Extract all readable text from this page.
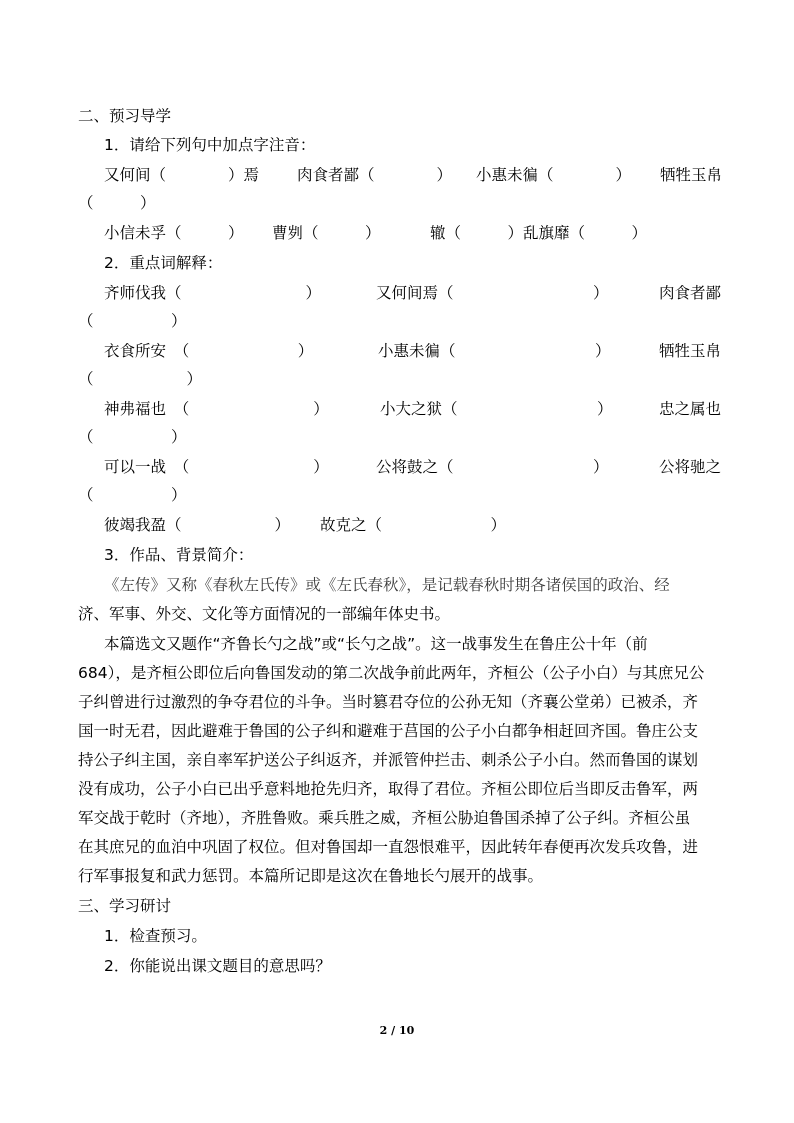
二、预习导学
1．请给下列句中加点字注音：
又何间（　　　　）焉 肉食者鄙（　　　　） 小惠未徧（　　　　） 牺牲玉帛
（　　　）
小信未孚（　　　） 曹刿（　　　）	辙（　　　）乱旗靡（　　　）
2．重点词解释：
齐师伐我（　　　　　　　　）	又何间焉（　　　　　　　　　）	肉食者鄙
（　　　　　）
衣食所安　（　　　　　　　）	小惠未徧（　　　　　　　　　）	牺牲玉帛
（　　　　　　）
神弗福也　（　　　　　　　　）	小大之狱（　　　　　　　　　）	忠之属也
（　　　　　）
可以一战　（　　　　　　　　）	公将鼓之（　　　　　　　　　）	公将驰之
（　　　　　）
彼竭我盈（　　　　　　） 故克之（　　　　　　　）
3．作品、背景简介：
《左传》又称《春秋左氏传》或《左氏春秋》，是记载春秋时期各诸侯国的政治、经
济、军事、外交、文化等方面情况的一部编年体史书。
本篇选文又题作“齐鲁长勺之战”或“长勺之战”。这一战事发生在鲁庄公十年（前
684），是齐桓公即位后向鲁国发动的第二次战争前此两年，齐桓公（公子小白）与其庶兄公
子纠曾进行过激烈的争夺君位的斗争。当时篡君夺位的公孙无知（齐襄公堂弟）已被杀，齐
国一时无君，因此避难于鲁国的公子纠和避难于莒国的公子小白都争相赶回齐国。鲁庄公支
持公子纠主国，亲自率军护送公子纠返齐，并派管仲拦击、刺杀公子小白。然而鲁国的谋划
没有成功，公子小白已出乎意料地抢先归齐，取得了君位。齐桓公即位后当即反击鲁军，两
军交战于乾时（齐地），齐胜鲁败。乘兵胜之威，齐桓公胁迫鲁国杀掉了公子纠。齐桓公虽
在其庶兄的血泊中巩固了权位。但对鲁国却一直怨恨难平，因此转年春便再次发兵攻鲁，进
行军事报复和武力惩罚。本篇所记即是这次在鲁地长勺展开的战事。
三、学习研讨
1．检查预习。
2．你能说出课文题目的意思吗？
2 / 10
